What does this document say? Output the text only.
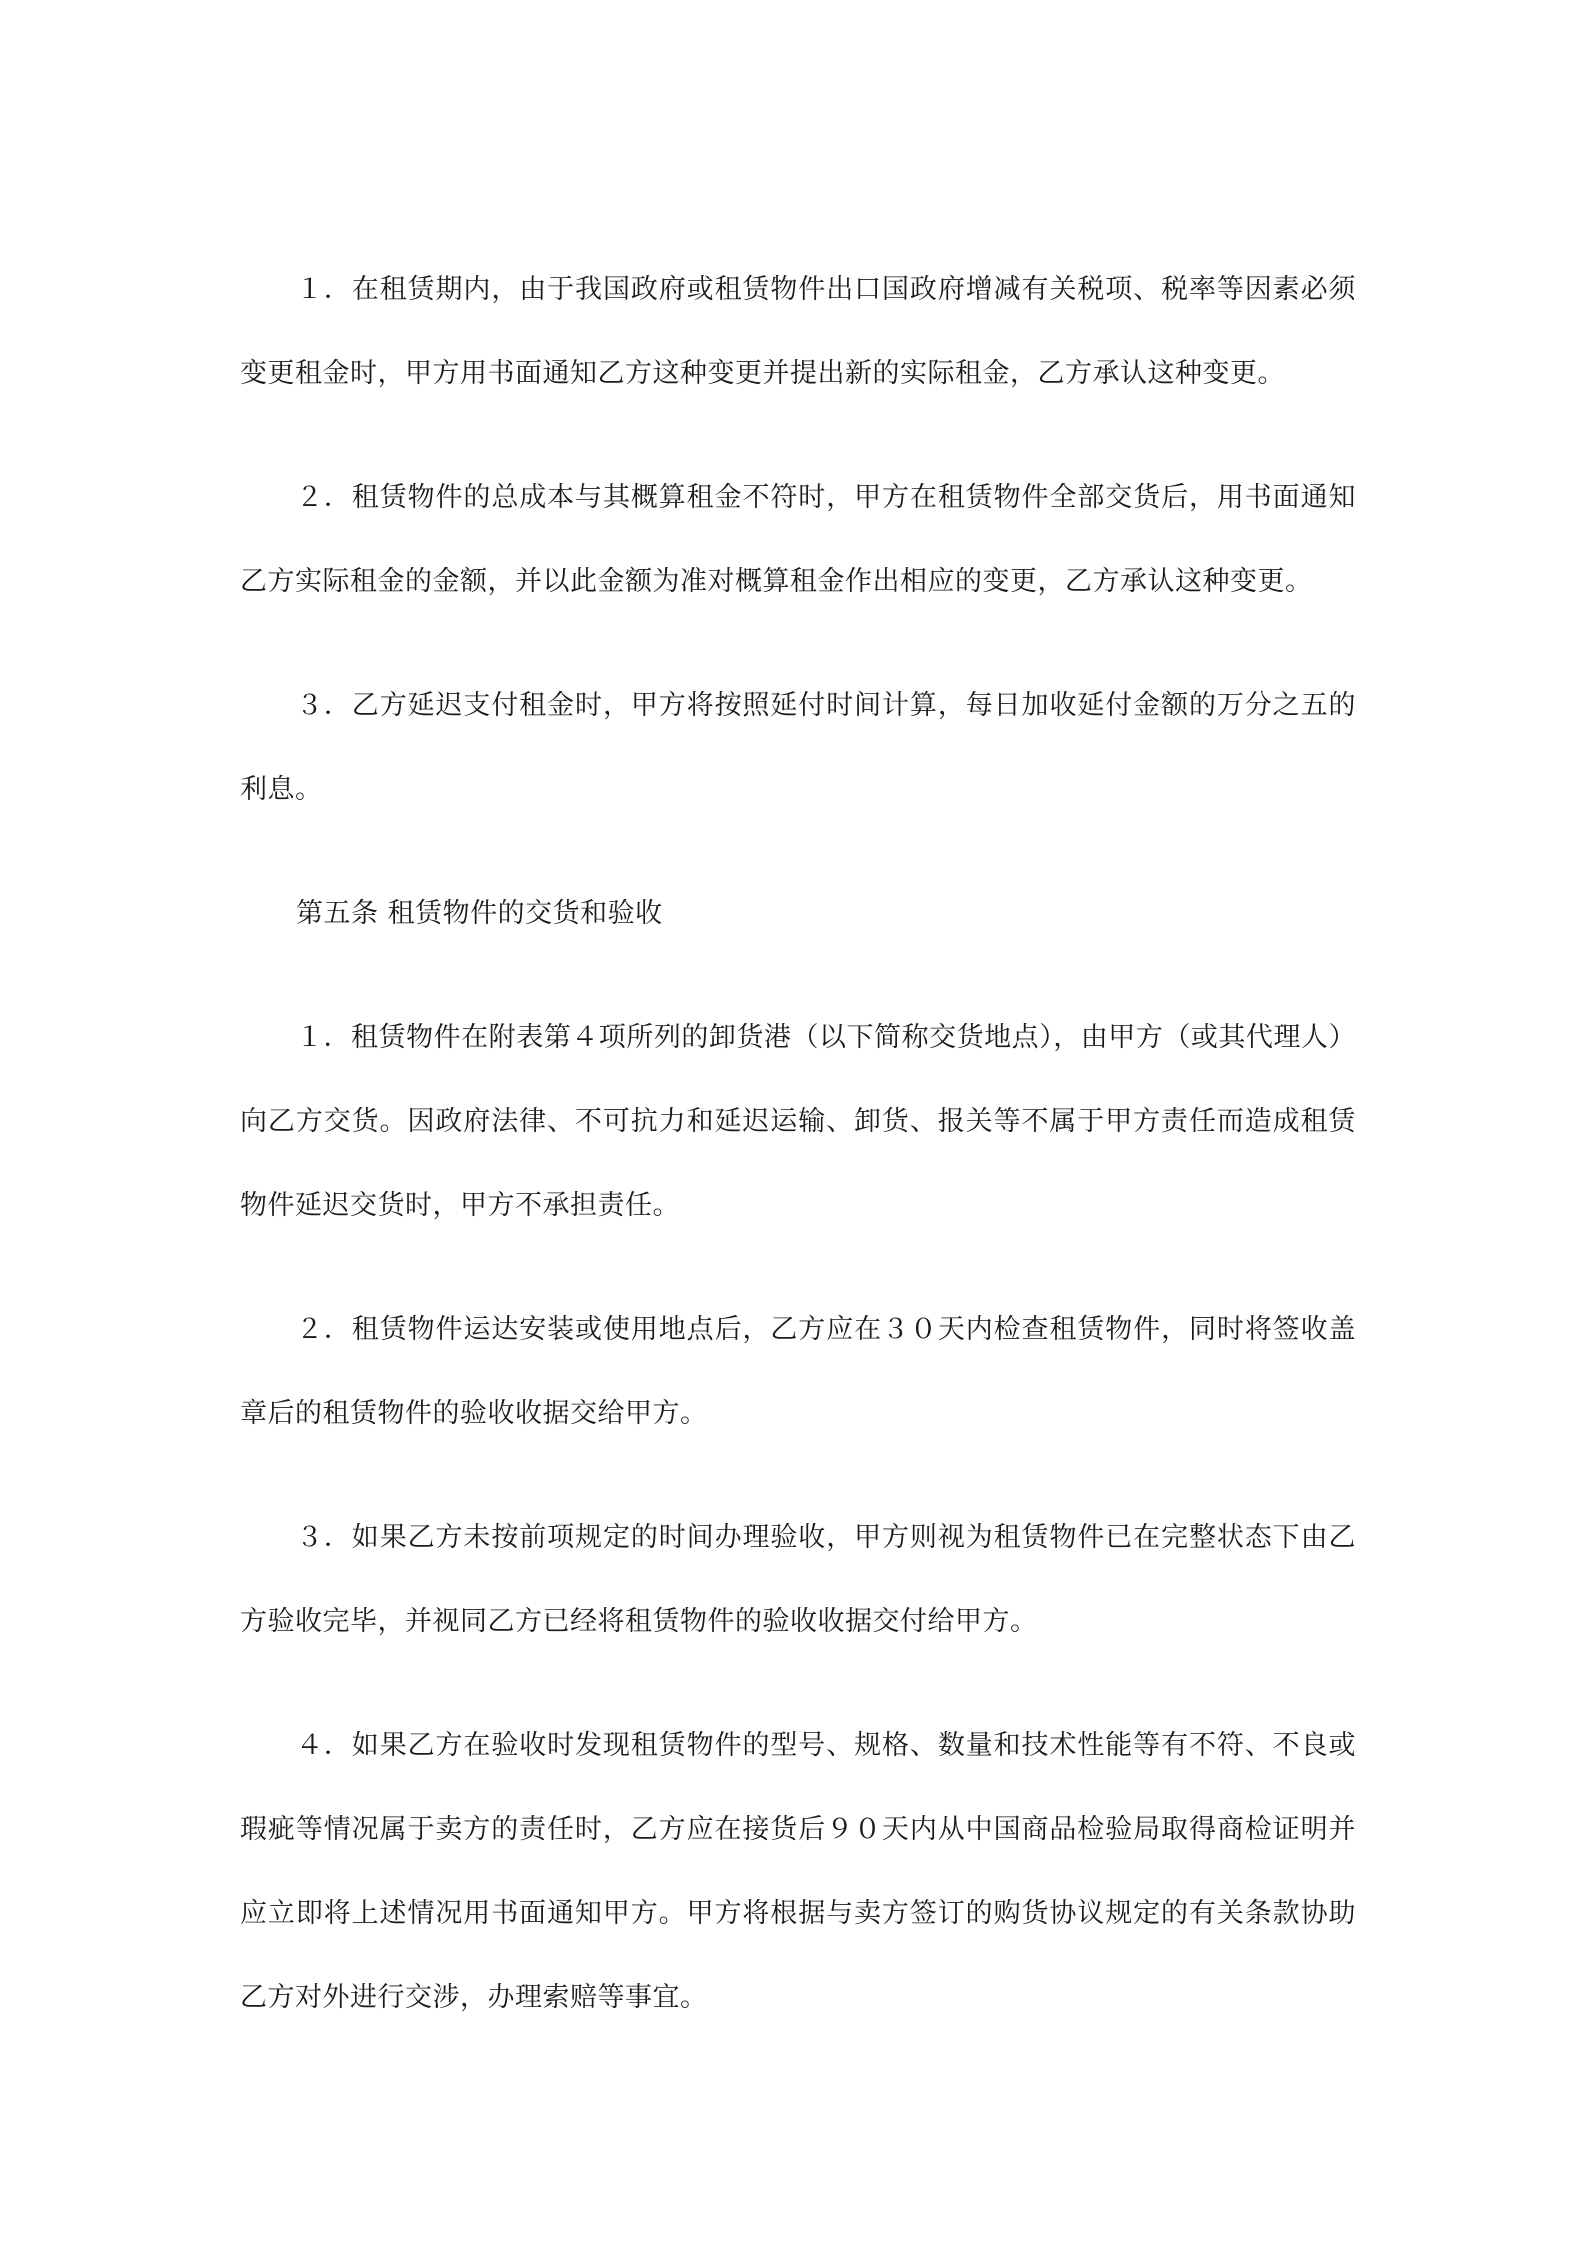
１．在租赁期内，由于我国政府或租赁物件出口国政府增减有关税项、税率等因素必须变更租金时，甲方用书面通知乙方这种变更并提出新的实际租金，乙方承认这种变更。

２．租赁物件的总成本与其概算租金不符时，甲方在租赁物件全部交货后，用书面通知乙方实际租金的金额，并以此金额为准对概算租金作出相应的变更，乙方承认这种变更。

３．乙方延迟支付租金时，甲方将按照延付时间计算，每日加收延付金额的万分之五的利息。

第五条 租赁物件的交货和验收

１．租赁物件在附表第４项所列的卸货港（以下简称交货地点），由甲方（或其代理人）向乙方交货。因政府法律、不可抗力和延迟运输、卸货、报关等不属于甲方责任而造成租赁物件延迟交货时，甲方不承担责任。

２．租赁物件运达安装或使用地点后，乙方应在３０天内检查租赁物件，同时将签收盖章后的租赁物件的验收收据交给甲方。

３．如果乙方未按前项规定的时间办理验收，甲方则视为租赁物件已在完整状态下由乙方验收完毕，并视同乙方已经将租赁物件的验收收据交付给甲方。

４．如果乙方在验收时发现租赁物件的型号、规格、数量和技术性能等有不符、不良或瑕疵等情况属于卖方的责任时，乙方应在接货后９０天内从中国商品检验局取得商检证明并应立即将上述情况用书面通知甲方。甲方将根据与卖方签订的购货协议规定的有关条款协助乙方对外进行交涉，办理索赔等事宜。
